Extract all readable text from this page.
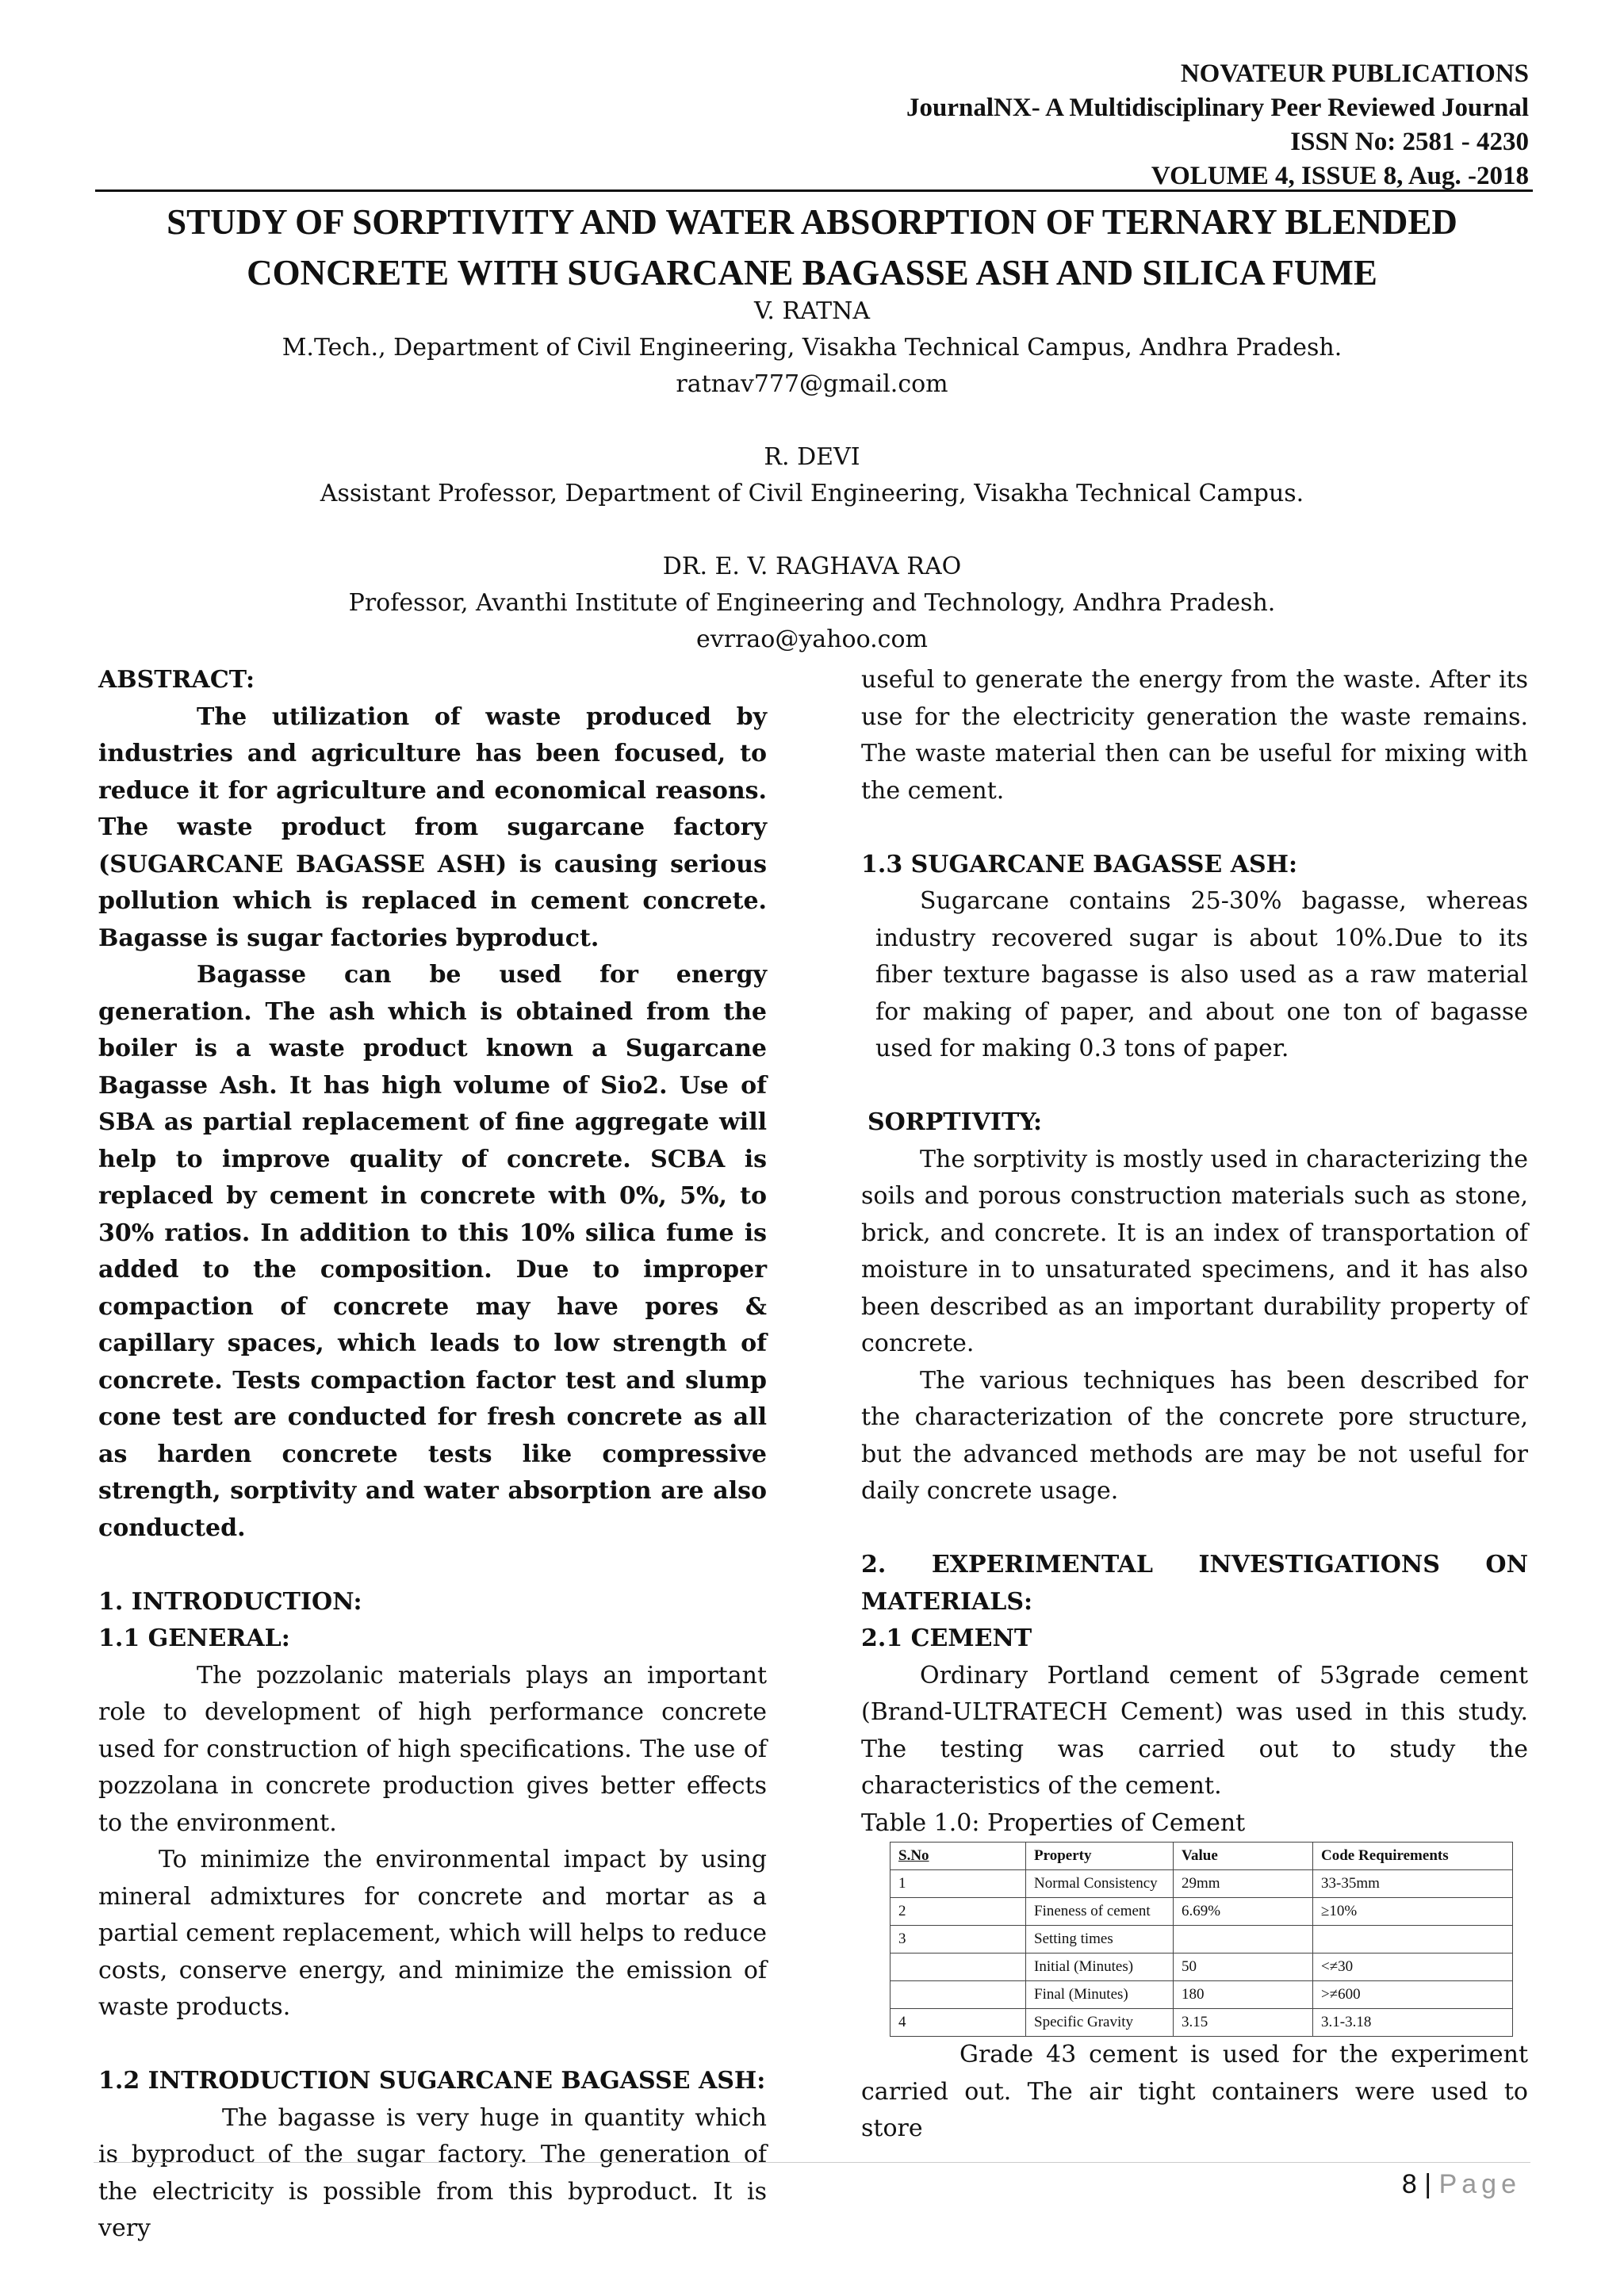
NOVATEUR PUBLICATIONS
JournalNX- A Multidisciplinary Peer Reviewed Journal
ISSN No: 2581 - 4230
VOLUME 4, ISSUE 8, Aug. -2018
STUDY OF SORPTIVITY AND WATER ABSORPTION OF TERNARY BLENDED
CONCRETE WITH SUGARCANE BAGASSE ASH AND SILICA FUME

V. RATNA

M.Tech., Department of Civil Engineering, Visakha Technical Campus, Andhra Pradesh.

ratnav777@gmail.com

R. DEVI

Assistant Professor, Department of Civil Engineering, Visakha Technical Campus.

DR. E. V. RAGHAVA RAO

Professor, Avanthi Institute of Engineering and Technology, Andhra Pradesh.

evrrao@yahoo.com

ABSTRACT:

The utilization of waste produced by industries and agriculture has been focused, to reduce it for agriculture and economical reasons. The waste product from sugarcane factory (SUGARCANE BAGASSE ASH) is causing serious pollution which is replaced in cement concrete. Bagasse is sugar factories byproduct.

Bagasse can be used for energy generation. The ash which is obtained from the boiler is a waste product known a Sugarcane Bagasse Ash. It has high volume of Sio2. Use of SBA as partial replacement of fine aggregate will help to improve quality of concrete. SCBA is replaced by cement in concrete with 0%, 5%, to 30% ratios. In addition to this 10% silica fume is added to the composition. Due to improper compaction of concrete may have pores & capillary spaces, which leads to low strength of concrete. Tests compaction factor test and slump cone test are conducted for fresh concrete as all as harden concrete tests like compressive strength, sorptivity and water absorption are also conducted.

1. INTRODUCTION:

1.1 GENERAL:

The pozzolanic materials plays an important role to development of high performance concrete used for construction of high specifications. The use of pozzolana in concrete production gives better effects to the environment.

To minimize the environmental impact by using mineral admixtures for concrete and mortar as a partial cement replacement, which will helps to reduce costs, conserve energy, and minimize the emission of waste products.

1.2 INTRODUCTION SUGARCANE BAGASSE ASH:

The bagasse is very huge in quantity which is byproduct of the sugar factory. The generation of the electricity is possible from this byproduct. It is very

useful to generate the energy from the waste. After its use for the electricity generation the waste remains. The waste material then can be useful for mixing with the cement.

1.3 SUGARCANE BAGASSE ASH:

Sugarcane contains 25-30% bagasse, whereas industry recovered sugar is about 10%.Due to its fiber texture bagasse is also used as a raw material for making of paper, and about one ton of bagasse used for making 0.3 tons of paper.

SORPTIVITY:

The sorptivity is mostly used in characterizing the soils and porous construction materials such as stone, brick, and concrete. It is an index of transportation of moisture in to unsaturated specimens, and it has also been described as an important durability property of concrete.

The various techniques has been described for the characterization of the concrete pore structure, but the advanced methods are may be not useful for daily concrete usage.

2. EXPERIMENTAL INVESTIGATIONS ON MATERIALS:

2.1 CEMENT

Ordinary Portland cement of 53grade cement (Brand-ULTRATECH Cement) was used in this study. The testing was carried out to study the characteristics of the cement.

Table 1.0: Properties of Cement

S.No	Property	Value	Code Requirements
1	Normal Consistency	29mm	33-35mm
2	Fineness of cement	6.69%	≥10%
3	Setting times		
	Initial (Minutes)	50	<≠30
	Final (Minutes)	180	>≠600
4	Specific Gravity	3.15	3.1-3.18

Grade 43 cement is used for the experiment carried out. The air tight containers were used to store

8 | Page
